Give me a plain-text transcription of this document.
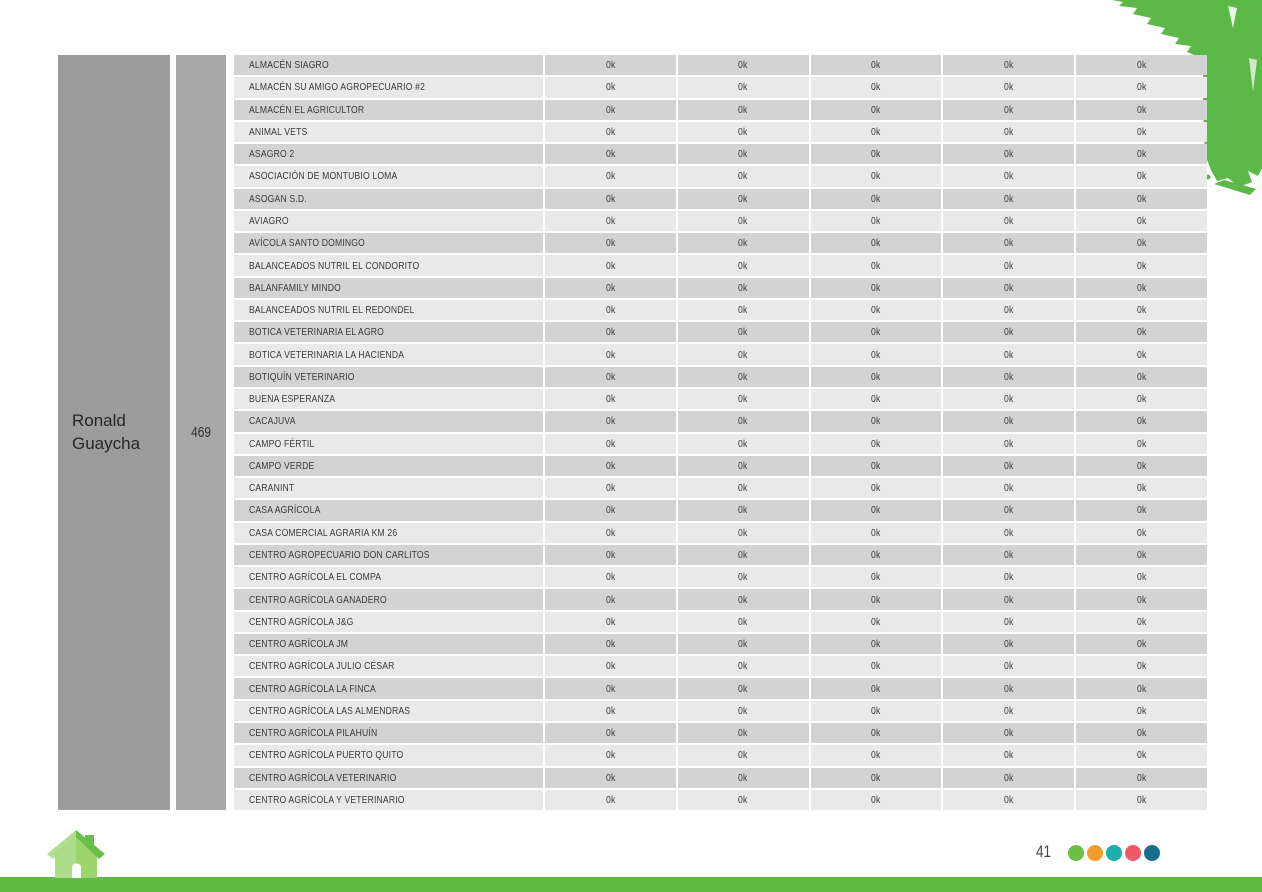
Ronald Guaycha
469
ALMACÉN SIAGRO	0k	0k	0k	0k	0k
ALMACÉN SU AMIGO AGROPECUARIO #2	0k	0k	0k	0k	0k
ALMACÉN EL AGRICULTOR	0k	0k	0k	0k	0k
ANIMAL VETS	0k	0k	0k	0k	0k
ASAGRO 2	0k	0k	0k	0k	0k
ASOCIACIÓN DE MONTUBIO LOMA	0k	0k	0k	0k	0k
ASOGAN S.D.	0k	0k	0k	0k	0k
AVIAGRO	0k	0k	0k	0k	0k
AVÍCOLA SANTO DOMINGO	0k	0k	0k	0k	0k
BALANCEADOS NUTRIL EL CONDORITO	0k	0k	0k	0k	0k
BALANFAMILY MINDO	0k	0k	0k	0k	0k
BALANCEADOS NUTRIL EL REDONDEL	0k	0k	0k	0k	0k
BOTICA VETERINARIA EL AGRO	0k	0k	0k	0k	0k
BOTICA VETERINARIA LA HACIENDA	0k	0k	0k	0k	0k
BOTIQUÍN VETERINARIO	0k	0k	0k	0k	0k
BUENA ESPERANZA	0k	0k	0k	0k	0k
CACAJUVA	0k	0k	0k	0k	0k
CAMPO FÉRTIL	0k	0k	0k	0k	0k
CAMPO VERDE	0k	0k	0k	0k	0k
CARANINT	0k	0k	0k	0k	0k
CASA AGRÍCOLA	0k	0k	0k	0k	0k
CASA COMERCIAL AGRARIA KM 26	0k	0k	0k	0k	0k
CENTRO AGROPECUARIO DON CARLITOS	0k	0k	0k	0k	0k
CENTRO AGRÍCOLA EL COMPA	0k	0k	0k	0k	0k
CENTRO AGRÍCOLA GANADERO	0k	0k	0k	0k	0k
CENTRO AGRÍCOLA J&G	0k	0k	0k	0k	0k
CENTRO AGRÍCOLA JM	0k	0k	0k	0k	0k
CENTRO AGRÍCOLA JULIO CÉSAR	0k	0k	0k	0k	0k
CENTRO AGRÍCOLA LA FINCA	0k	0k	0k	0k	0k
CENTRO AGRÍCOLA LAS ALMENDRAS	0k	0k	0k	0k	0k
CENTRO AGRÍCOLA PILAHUÍN	0k	0k	0k	0k	0k
CENTRO AGRÍCOLA PUERTO QUITO	0k	0k	0k	0k	0k
CENTRO AGRÍCOLA VETERINARIO	0k	0k	0k	0k	0k
CENTRO AGRÍCOLA Y VETERINARIO	0k	0k	0k	0k	0k
41
